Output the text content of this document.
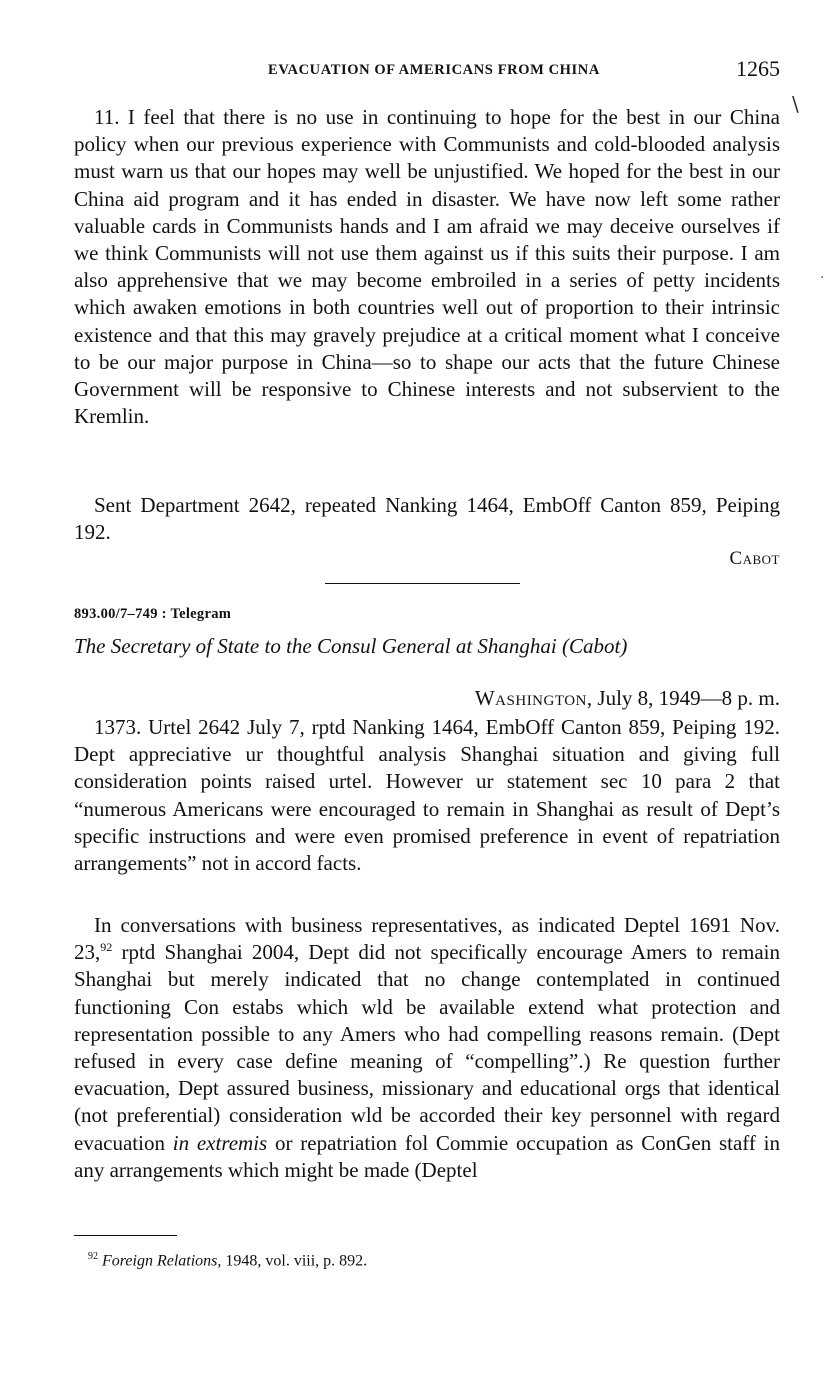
EVACUATION OF AMERICANS FROM CHINA	1265
\
·

11. I feel that there is no use in continuing to hope for the best in our China policy when our previous experience with Communists and cold-blooded analysis must warn us that our hopes may well be unjustified. We hoped for the best in our China aid program and it has ended in disaster. We have now left some rather valuable cards in Communists hands and I am afraid we may deceive ourselves if we think Communists will not use them against us if this suits their purpose. I am also apprehensive that we may become embroiled in a series of petty incidents which awaken emotions in both countries well out of proportion to their intrinsic existence and that this may gravely prejudice at a critical moment what I conceive to be our major purpose in China—so to shape our acts that the future Chinese Government will be responsive to Chinese interests and not subservient to the Kremlin.

Sent Department 2642, repeated Nanking 1464, EmbOff Canton 859, Peiping 192.

Cabot
893.00/7–749 : Telegram
The Secretary of State to the Consul General at Shanghai (Cabot)
Washington, July 8, 1949—8 p. m.

1373. Urtel 2642 July 7, rptd Nanking 1464, EmbOff Canton 859, Peiping 192. Dept appreciative ur thoughtful analysis Shanghai situation and giving full consideration points raised urtel. However ur statement sec 10 para 2 that “numerous Americans were encouraged to remain in Shanghai as result of Dept’s specific instructions and were even promised preference in event of repatriation arrangements” not in accord facts.

In conversations with business representatives, as indicated Deptel 1691 Nov. 23,92 rptd Shanghai 2004, Dept did not specifically encourage Amers to remain Shanghai but merely indicated that no change contemplated in continued functioning Con estabs which wld be available extend what protection and representation possible to any Amers who had compelling reasons remain. (Dept refused in every case define meaning of “compelling”.) Re question further evacuation, Dept assured business, missionary and educational orgs that identical (not preferential) consideration wld be accorded their key personnel with regard evacuation in extremis or repatriation fol Commie occupation as ConGen staff in any arrangements which might be made (Deptel

$^{92}$ Foreign Relations, 1948, vol. viii, p. 892.
